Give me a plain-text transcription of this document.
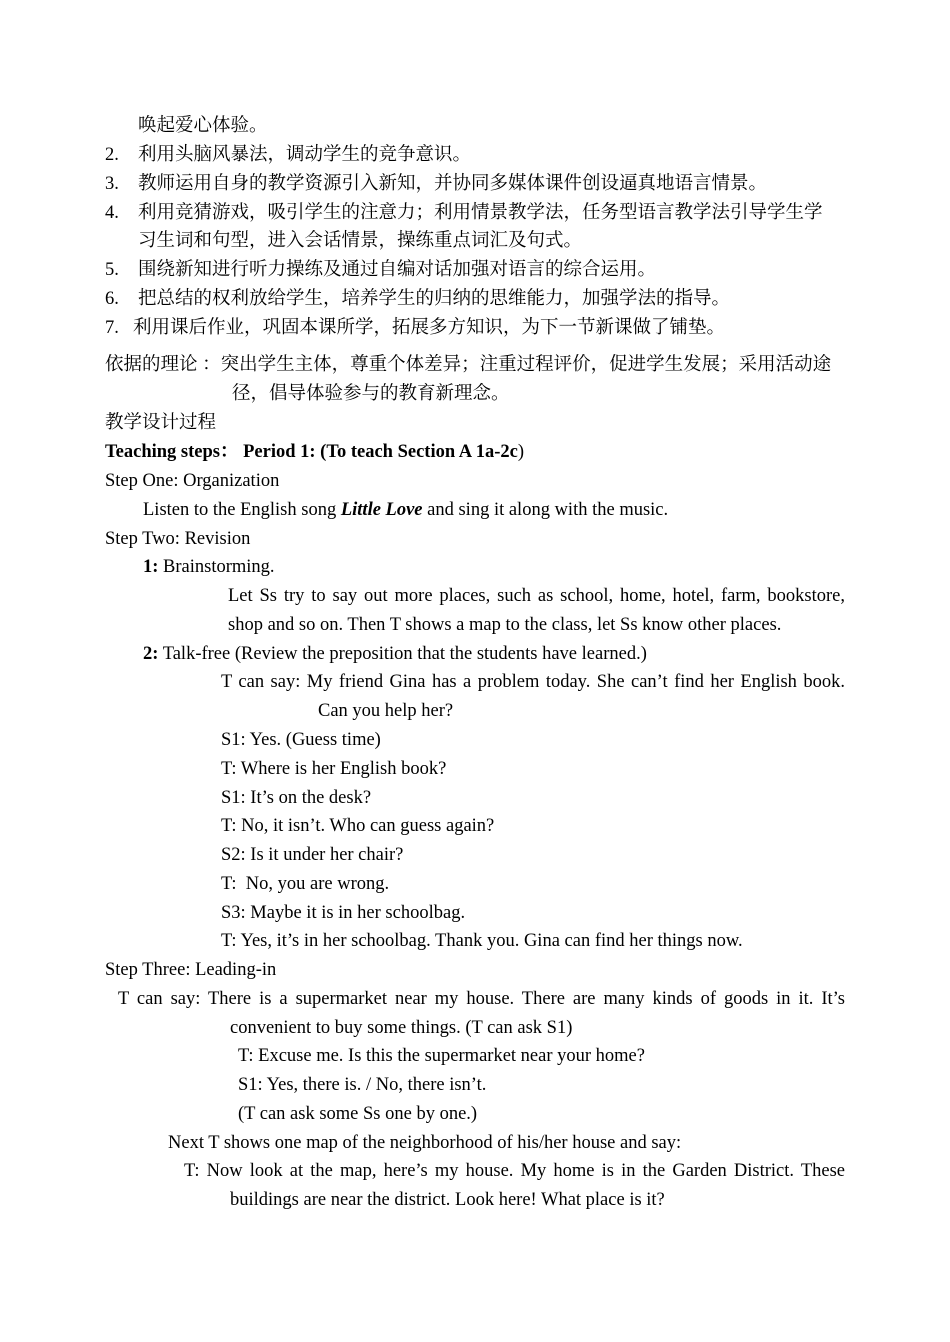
唤起爱心体验。
2. 利用头脑风暴法，调动学生的竞争意识。
3. 教师运用自身的教学资源引入新知，并协同多媒体课件创设逼真地语言情景。
4. 利用竞猜游戏，吸引学生的注意力；利用情景教学法，任务型语言教学法引导学生学
习生词和句型，进入会话情景，操练重点词汇及句式。
5. 围绕新知进行听力操练及通过自编对话加强对语言的综合运用。
6. 把总结的权利放给学生，培养学生的归纳的思维能力，加强学法的指导。
7. 利用课后作业，巩固本课所学，拓展多方知识，为下一节新课做了铺垫。
依据的理论 ：突出学生主体，尊重个体差异；注重过程评价，促进学生发展；采用活动途
径，倡导体验参与的教育新理念。
教学设计过程
Teaching steps： Period 1: (To teach Section A 1a-2c)
Step One: Organization
Listen to the English song Little Love and sing it along with the music.
Step Two: Revision
1: Brainstorming.
Let Ss try to say out more places, such as school, home, hotel, farm, bookstore,
shop and so on. Then T shows a map to the class, let Ss know other places.
2: Talk-free (Review the preposition that the students have learned.)
T can say: My friend Gina has a problem today. She can’t find her English book.
Can you help her?
S1: Yes. (Guess time)
T: Where is her English book?
S1: It’s on the desk?
T: No, it isn’t. Who can guess again?
S2: Is it under her chair?
T:  No, you are wrong.
S3: Maybe it is in her schoolbag.
T: Yes, it’s in her schoolbag. Thank you. Gina can find her things now.
Step Three: Leading-in
T can say: There is a supermarket near my house. There are many kinds of goods in it. It’s
convenient to buy some things. (T can ask S1)
T: Excuse me. Is this the supermarket near your home?
S1: Yes, there is. / No, there isn’t.
(T can ask some Ss one by one.)
Next T shows one map of the neighborhood of his/her house and say:
T: Now look at the map, here’s my house. My home is in the Garden District. These
buildings are near the district. Look here! What place is it?
